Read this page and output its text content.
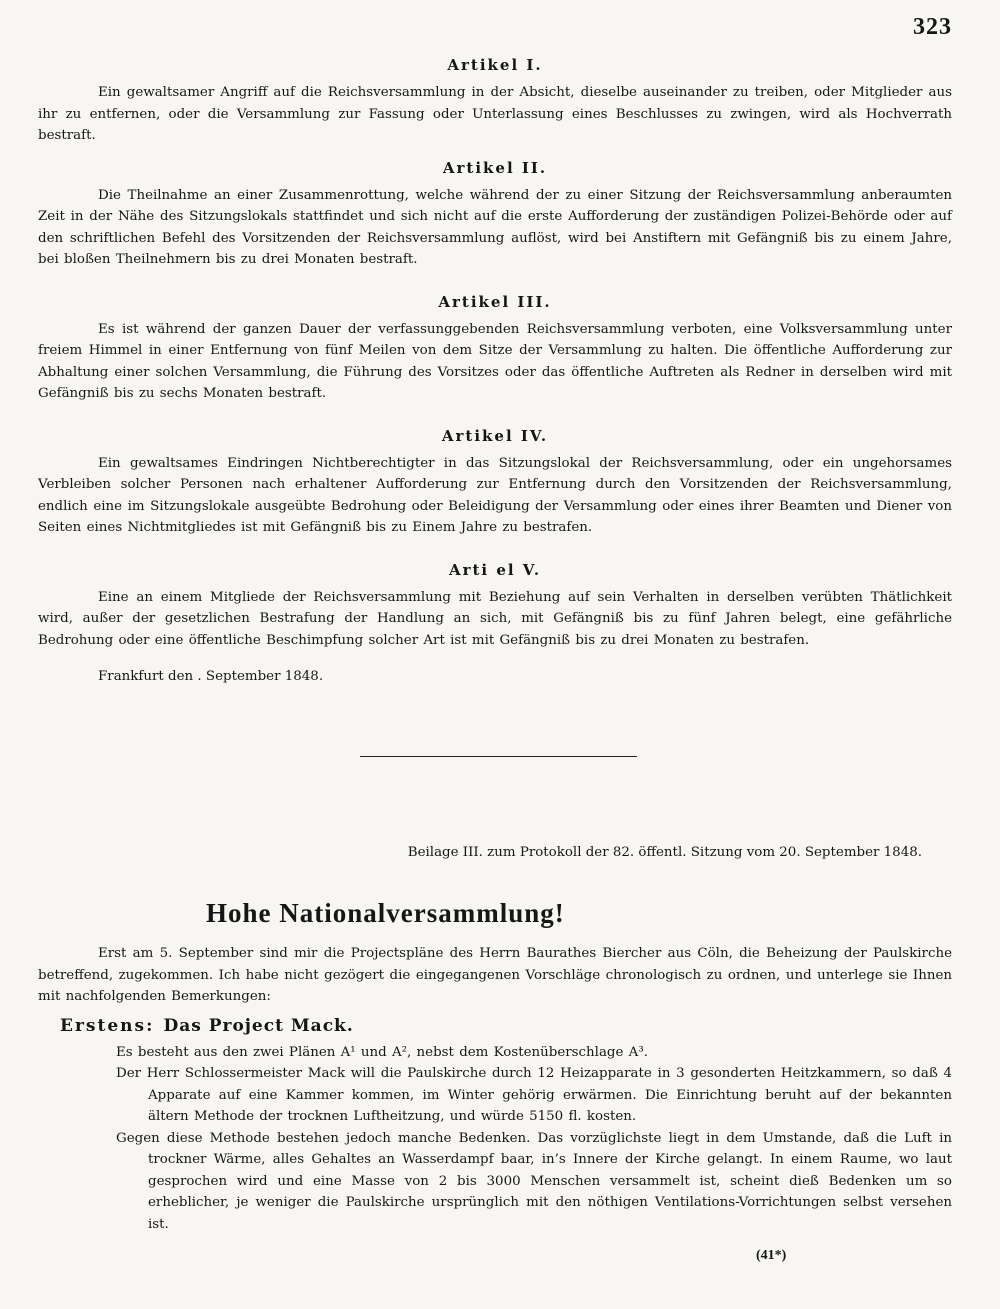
323
Artikel I.

Ein gewaltsamer Angriff auf die Reichsversammlung in der Absicht, dieselbe auseinander zu treiben, oder Mitglieder aus ihr zu entfernen, oder die Versammlung zur Fassung oder Unterlassung eines Beschlusses zu zwingen, wird als Hochverrath bestraft.

Artikel II.

Die Theilnahme an einer Zusammenrottung, welche während der zu einer Sitzung der Reichsversammlung anberaumten Zeit in der Nähe des Sitzungslokals stattfindet und sich nicht auf die erste Aufforderung der zuständigen Polizei-Behörde oder auf den schriftlichen Befehl des Vorsitzenden der Reichsversammlung auflöst, wird bei Anstiftern mit Gefängniß bis zu einem Jahre, bei bloßen Theilnehmern bis zu drei Monaten bestraft.

Artikel III.

Es ist während der ganzen Dauer der verfassunggebenden Reichsversammlung verboten, eine Volksversammlung unter freiem Himmel in einer Entfernung von fünf Meilen von dem Sitze der Versammlung zu halten. Die öffentliche Aufforderung zur Abhaltung einer solchen Versammlung, die Führung des Vorsitzes oder das öffentliche Auftreten als Redner in derselben wird mit Gefängniß bis zu sechs Monaten bestraft.

Artikel IV.

Ein gewaltsames Eindringen Nichtberechtigter in das Sitzungslokal der Reichsversammlung, oder ein ungehorsames Verbleiben solcher Personen nach erhaltener Aufforderung zur Entfernung durch den Vorsitzenden der Reichsversammlung, endlich eine im Sitzungslokale ausgeübte Bedrohung oder Beleidigung der Versammlung oder eines ihrer Beamten und Diener von Seiten eines Nichtmitgliedes ist mit Gefängniß bis zu Einem Jahre zu bestrafen.

Arti el V.

Eine an einem Mitgliede der Reichsversammlung mit Beziehung auf sein Verhalten in derselben verübten Thätlichkeit wird, außer der gesetzlichen Bestrafung der Handlung an sich, mit Gefängniß bis zu fünf Jahren belegt, eine gefährliche Bedrohung oder eine öffentliche Beschimpfung solcher Art ist mit Gefängniß bis zu drei Monaten zu bestrafen.

Frankfurt den . September 1848.
Beilage III. zum Protokoll der 82. öffentl. Sitzung vom 20. September 1848.
Hohe Nationalversammlung!

Erst am 5. September sind mir die Projectspläne des Herrn Baurathes Biercher aus Cöln, die Beheizung der Paulskirche betreffend, zugekommen. Ich habe nicht gezögert die eingegangenen Vorschläge chronologisch zu ordnen, und unterlege sie Ihnen mit nachfolgenden Bemerkungen:

Erstens: Das Project Mack.

Es besteht aus den zwei Plänen A¹ und A², nebst dem Kostenüberschlage A³.

Der Herr Schlossermeister Mack will die Paulskirche durch 12 Heizapparate in 3 gesonderten Heitzkammern, so daß 4 Apparate auf eine Kammer kommen, im Winter gehörig erwärmen. Die Einrichtung beruht auf der bekannten ältern Methode der trocknen Luftheitzung, und würde 5150 fl. kosten.

Gegen diese Methode bestehen jedoch manche Bedenken. Das vorzüglichste liegt in dem Umstande, daß die Luft in trockner Wärme, alles Gehaltes an Wasserdampf baar, in’s Innere der Kirche gelangt. In einem Raume, wo laut gesprochen wird und eine Masse von 2 bis 3000 Menschen versammelt ist, scheint dieß Bedenken um so erheblicher, je weniger die Paulskirche ursprünglich mit den nöthigen Ventilations-Vorrichtungen selbst versehen ist.

(41*)
